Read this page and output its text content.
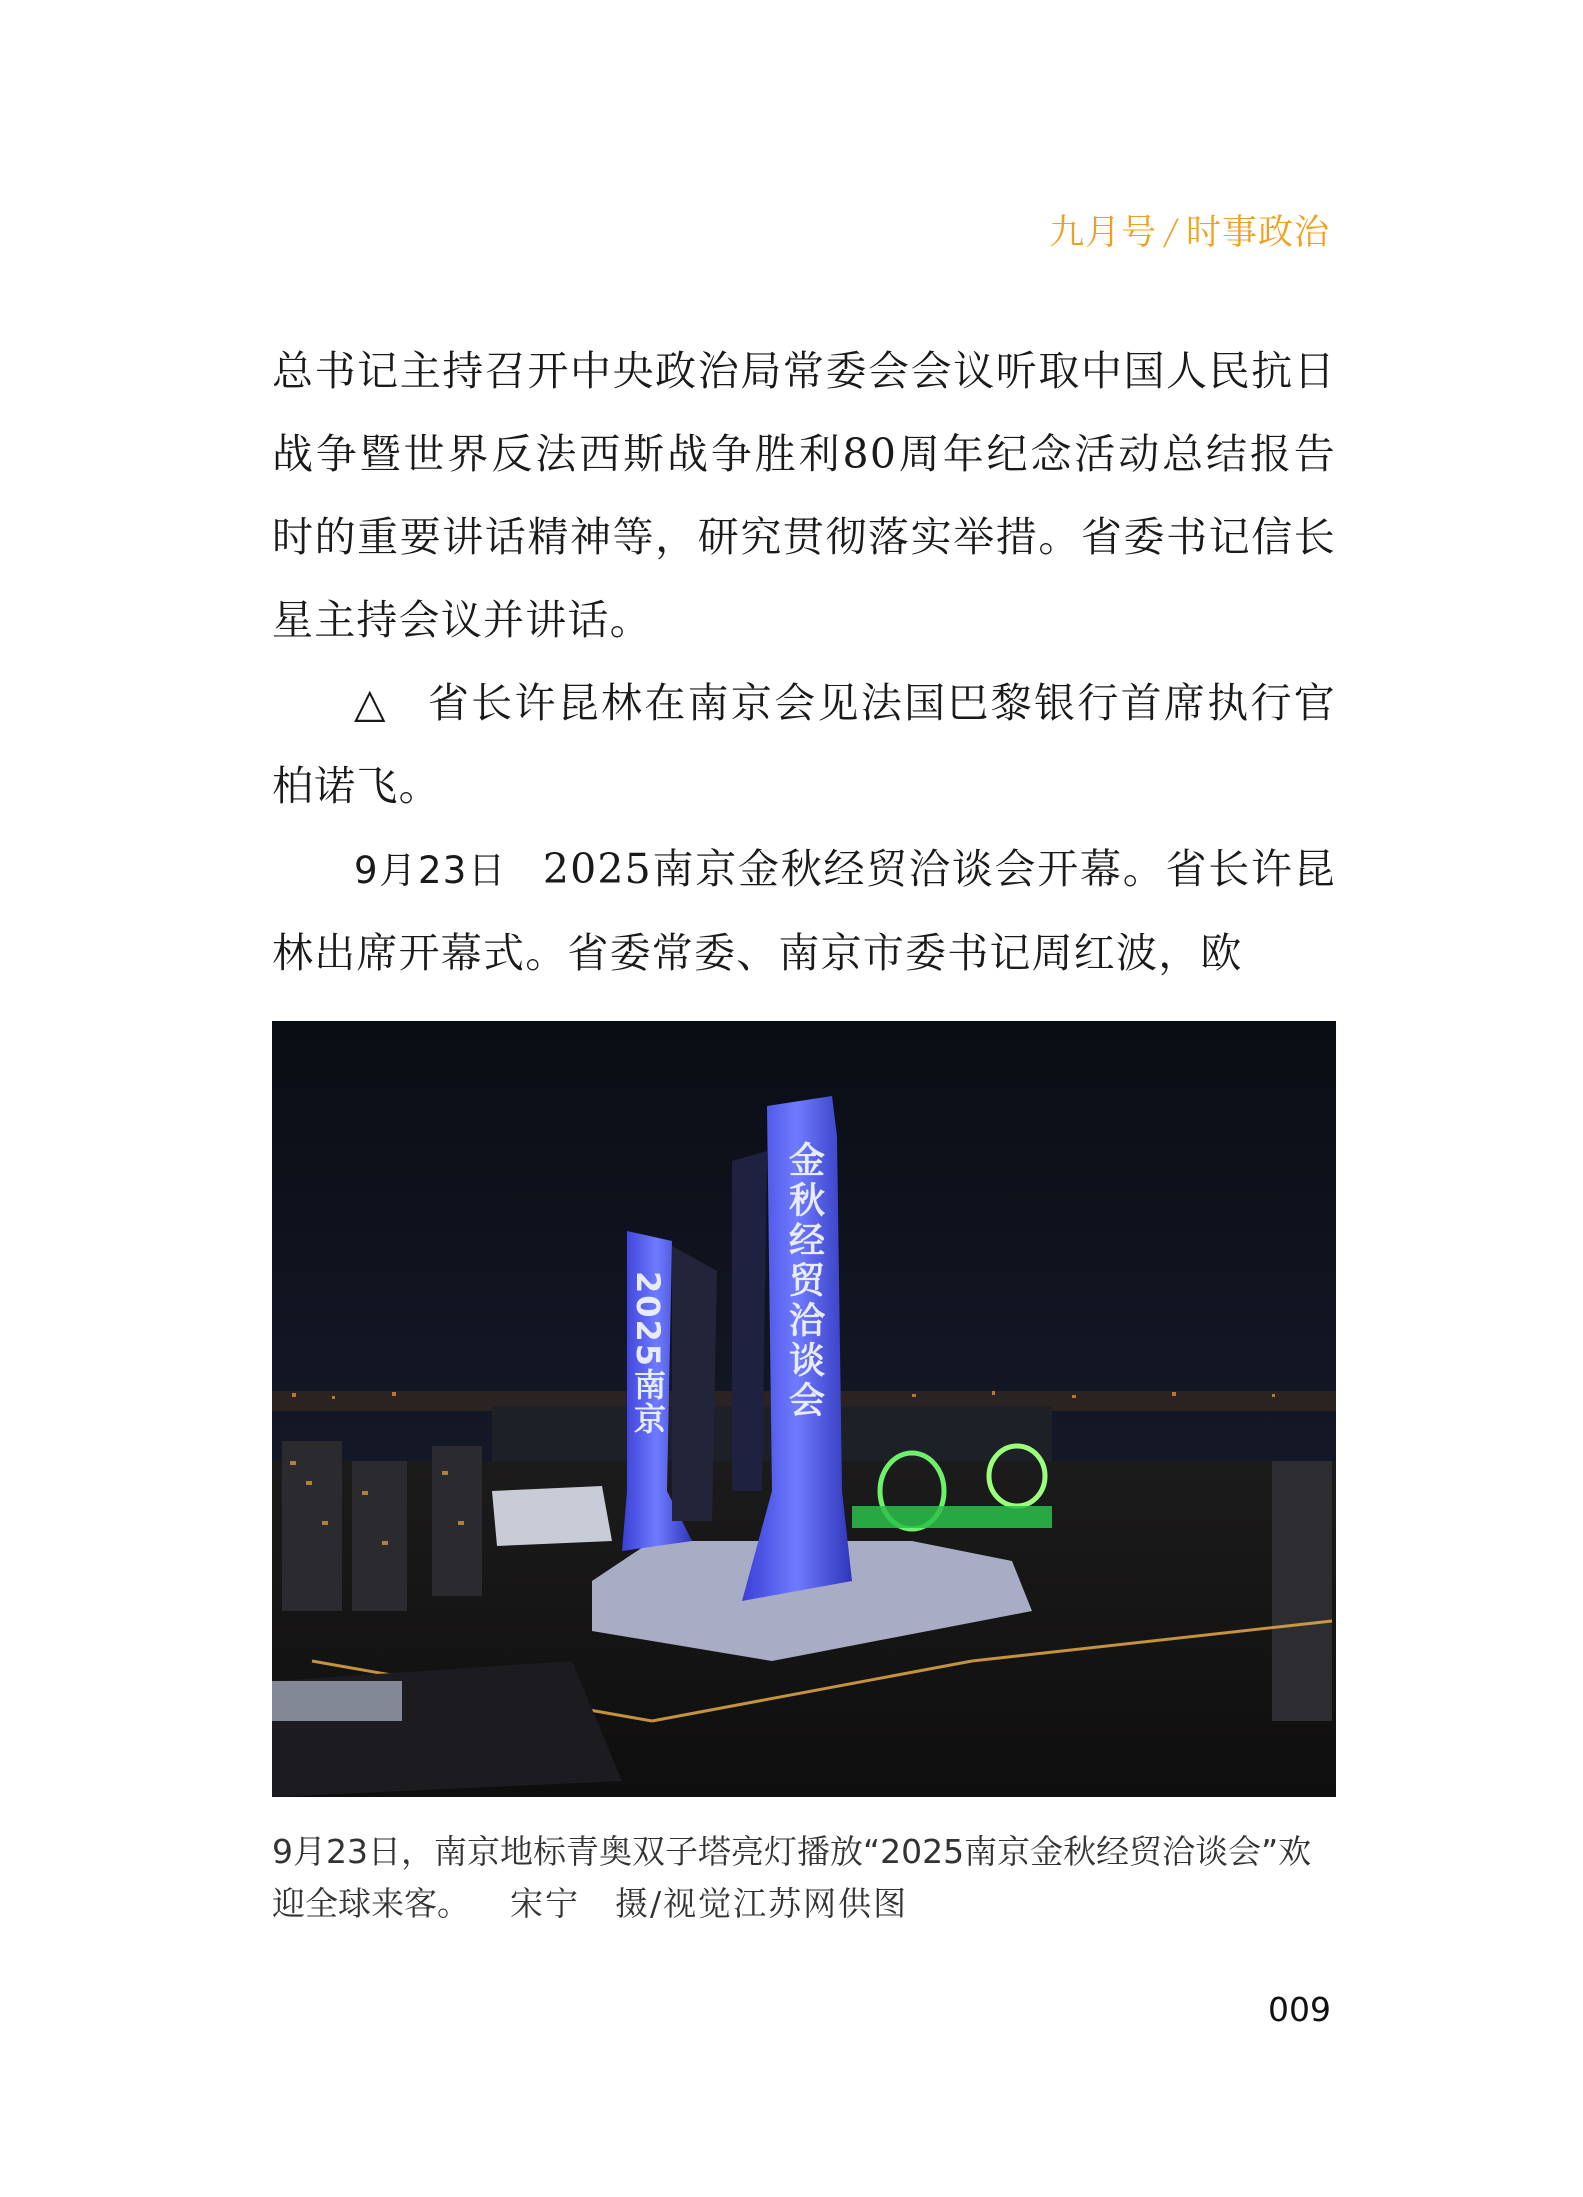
九月号 / 时事政治

总书记主持召开中央政治局常委会会议听取中国人民抗日战争暨世界反法西斯战争胜利80周年纪念活动总结报告时的重要讲话精神等，研究贯彻落实举措。省委书记信长星主持会议并讲话。

△ 省长许昆林在南京会见法国巴黎银行首席执行官柏诺飞。

9月23日 2025南京金秋经贸洽谈会开幕。省长许昆林出席开幕式。省委常委、南京市委书记周红波，欧

2025南京	金秋经贸洽谈会
9月23日，南京地标青奥双子塔亮灯播放“2025南京金秋经贸洽谈会”欢迎全球来客。 宋宁　摄/视觉江苏网供图
009
